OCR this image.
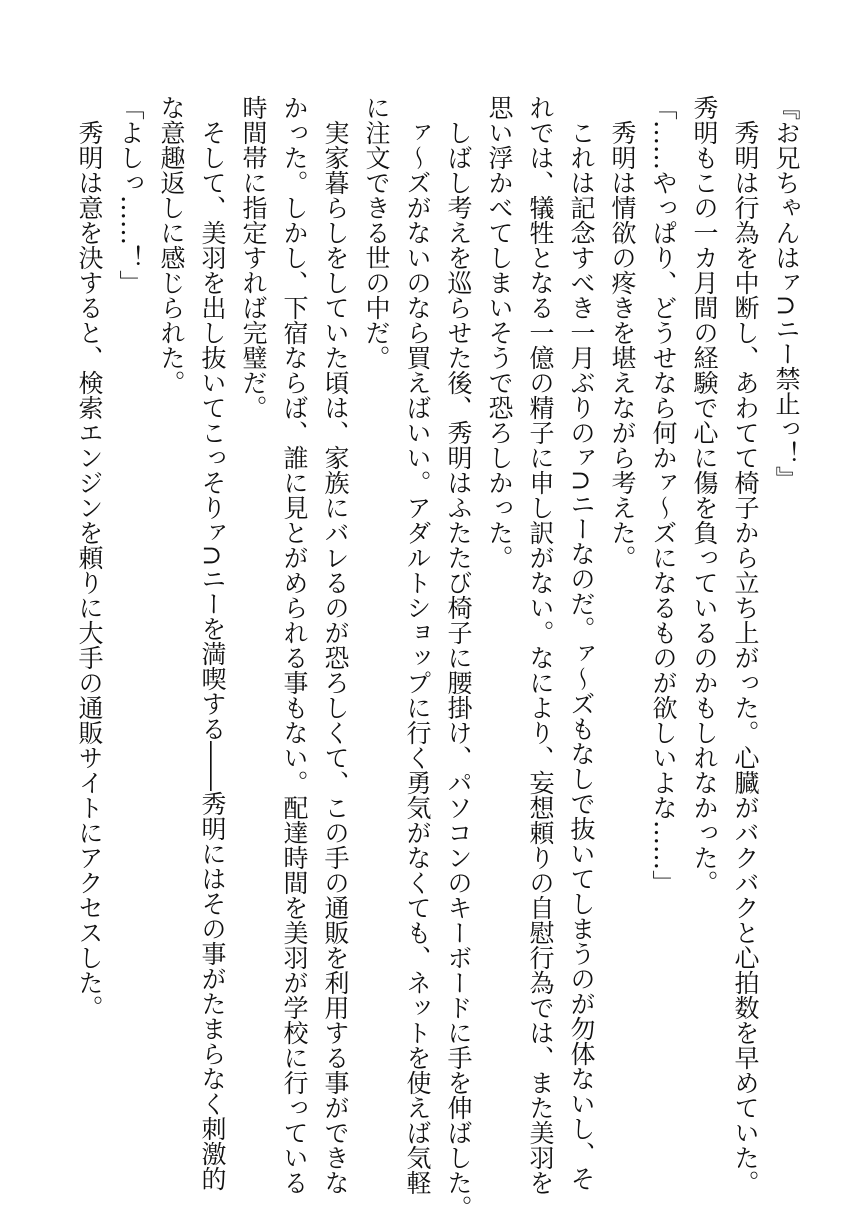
『お兄ちゃんはァ∩ニー禁止っ！』
　秀明は行為を中断し、あわてて椅子から立ち上がった。心臓がバクバクと心拍数を早めていた。
秀明もこの一カ月間の経験で心に傷を負っているのかもしれなかった。
「……やっぱり、どうせなら何かァ～ズになるものが欲しいよな……」
　秀明は情欲の疼きを堪えながら考えた。
　これは記念すべき一月ぶりのァ∩ニーなのだ。ァ～ズもなしで抜いてしまうのが勿体ないし、そ
れでは、犠牲となる一億の精子に申し訳がない。なにより、妄想頼りの自慰行為では、また美羽を
思い浮かべてしまいそうで恐ろしかった。
　しばし考えを巡らせた後、秀明はふたたび椅子に腰掛け、パソコンのキーボードに手を伸ばした。
　ァ～ズがないのなら買えばいい。アダルトショップに行く勇気がなくても、ネットを使えば気軽
に注文できる世の中だ。
　実家暮らしをしていた頃は、家族にバレるのが恐ろしくて、この手の通販を利用する事ができな
かった。しかし、下宿ならば、誰に見とがめられる事もない。配達時間を美羽が学校に行っている
時間帯に指定すれば完璧だ。
　そして、美羽を出し抜いてこっそりァ∩ニーを満喫する――秀明にはその事がたまらなく刺激的
な意趣返しに感じられた。
「よしっ……！」
　秀明は意を決すると、検索エンジンを頼りに大手の通販サイトにアクセスした。
